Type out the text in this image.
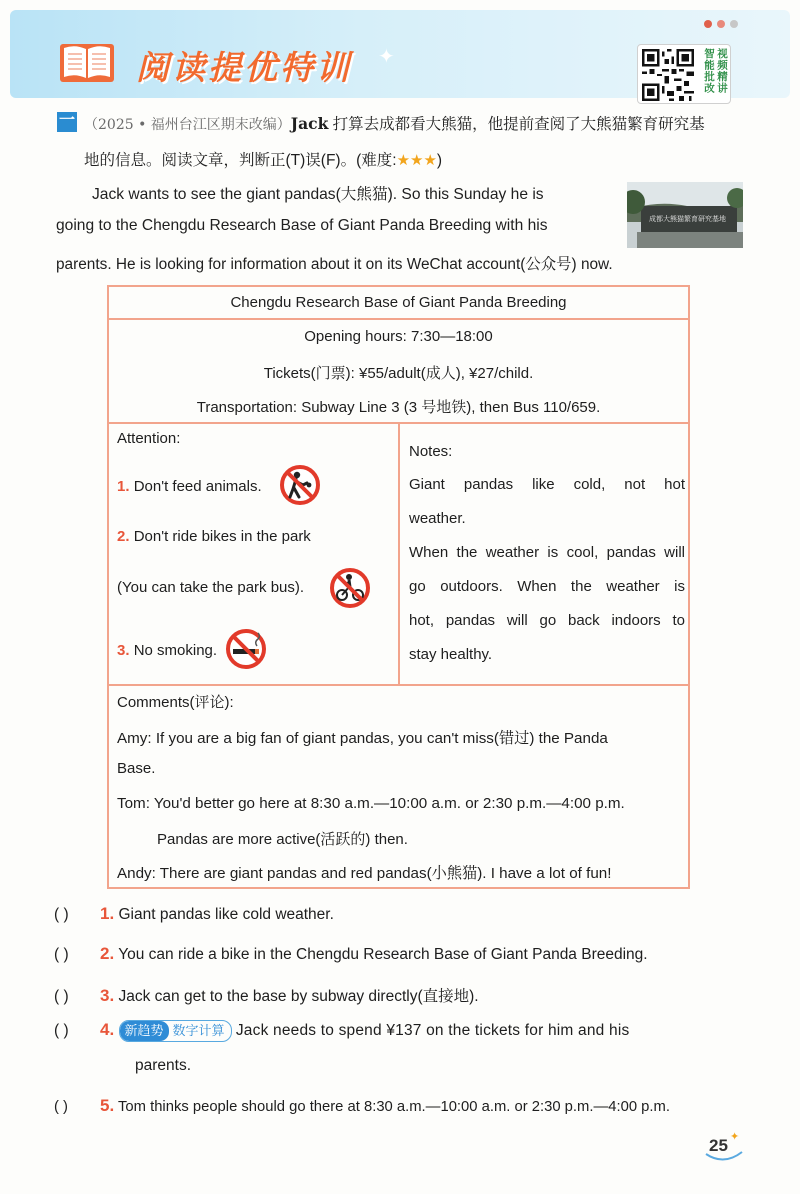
阅读提优特训 ✦	视频精讲 智能批改
一 （2025 • 福州台江区期末改编）Jack 打算去成都看大熊猫，他提前查阅了大熊猫繁育研究基
地的信息。阅读文章，判断正(T)误(F)。(难度:★★★)
Jack wants to see the giant pandas(大熊猫). So this Sunday he is
going to the Chengdu Research Base of Giant Panda Breeding with his
parents. He is looking for information about it on its WeChat account(公众号) now.
成都大熊猫繁育研究基地
Chengdu Research Base of Giant Panda Breeding
Opening hours: 7:30—18:00
Tickets(门票): ¥55/adult(成人), ¥27/child.
Transportation: Subway Line 3 (3 号地铁), then Bus 110/659.
Attention:
1. Don't feed animals.
2. Don't ride bikes in the park
(You can take the park bus).
3. No smoking.
Notes:
Giant pandas like cold, not hot
weather.
When the weather is cool, pandas will
go outdoors. When the weather is
hot, pandas will go back indoors to
stay healthy.
Comments(评论):
Amy: If you are a big fan of giant pandas, you can't miss(错过) the Panda
Base.
Tom: You'd better go here at 8:30 a.m.—10:00 a.m. or 2:30 p.m.—4:00 p.m.
Pandas are more active(活跃的) then.
Andy: There are giant pandas and red pandas(小熊猫). I have a lot of fun!
( ) 1. Giant pandas like cold weather.
( ) 2. You can ride a bike in the Chengdu Research Base of Giant Panda Breeding.
( ) 3. Jack can get to the base by subway directly(直接地).
( ) 4. 新趋势 数字计算 Jack needs to spend ¥137 on the tickets for him and his
parents.
( ) 5. Tom thinks people should go there at 8:30 a.m.—10:00 a.m. or 2:30 p.m.—4:00 p.m.
25 ✦
